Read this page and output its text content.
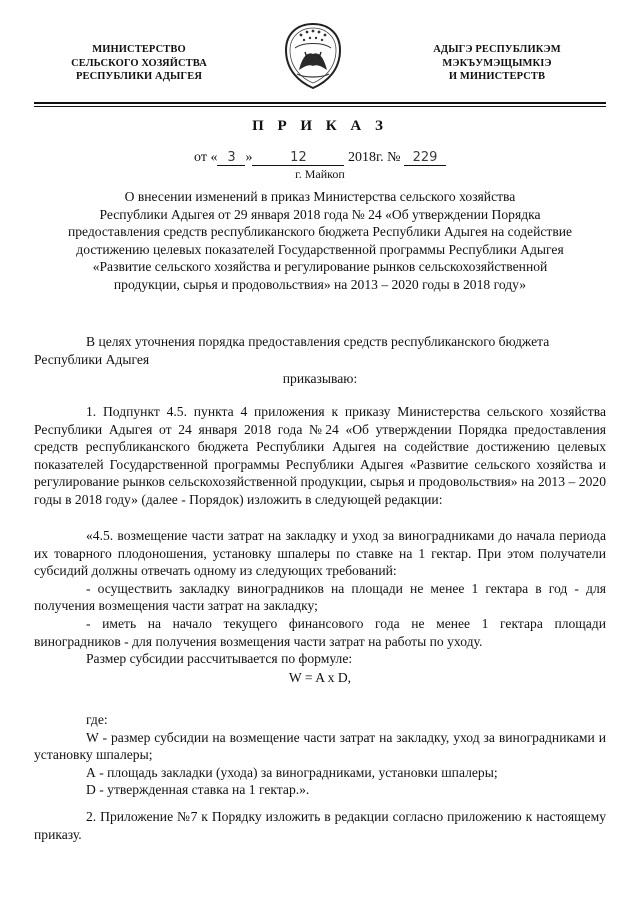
МИНИСТЕРСТВО
СЕЛЬСКОГО ХОЗЯЙСТВА
РЕСПУБЛИКИ АДЫГЕЯ
АДЫГЭ РЕСПУБЛИКЭМ
МЭКЪУМЭЩЫМКIЭ
И МИНИСТЕРСТВ
П Р И К А З
от « 3 »	12	2018г. № 229
г. Майкоп
О внесении изменений в приказ Министерства сельского хозяйства
Республики Адыгея от 29 января 2018 года № 24 «Об утверждении Порядка
предоставления средств республиканского бюджета Республики Адыгея на содействие
достижению целевых показателей Государственной программы Республики Адыгея
«Развитие сельского хозяйства и регулирование рынков сельскохозяйственной
продукции, сырья и продовольствия» на 2013 – 2020 годы в 2018 году»

В целях уточнения порядка предоставления средств республиканского бюджета Республики Адыгея

приказываю:

1. Подпункт 4.5. пункта 4 приложения к приказу Министерства сельского хозяйства Республики Адыгея от 24 января 2018 года №24 «Об утверждении Порядка предоставления средств республиканского бюджета Республики Адыгея на содействие достижению целевых показателей Государственной программы Республики Адыгея «Развитие сельского хозяйства и регулирование рынков сельскохозяйственной продукции, сырья и продовольствия» на 2013 – 2020 годы в 2018 году» (далее - Порядок) изложить в следующей редакции:

«4.5. возмещение части затрат на закладку и уход за виноградниками до начала периода их товарного плодоношения, установку шпалеры по ставке на 1 гектар. При этом получатели субсидий должны отвечать одному из следующих требований:

- осуществить закладку виноградников на площади не менее 1 гектара в год - для получения возмещения части затрат на закладку;

- иметь на начало текущего финансового года не менее 1 гектара площади виноградников - для получения возмещения части затрат на работы по уходу.

Размер субсидии рассчитывается по формуле:

W = A x D,

где:

W - размер субсидии на возмещение части затрат на закладку, уход за виноградниками и установку шпалеры;

А - площадь закладки (ухода) за виноградниками, установки шпалеры;

D - утвержденная ставка на 1 гектар.».

2. Приложение №7 к Порядку изложить в редакции согласно приложению к настоящему приказу.
